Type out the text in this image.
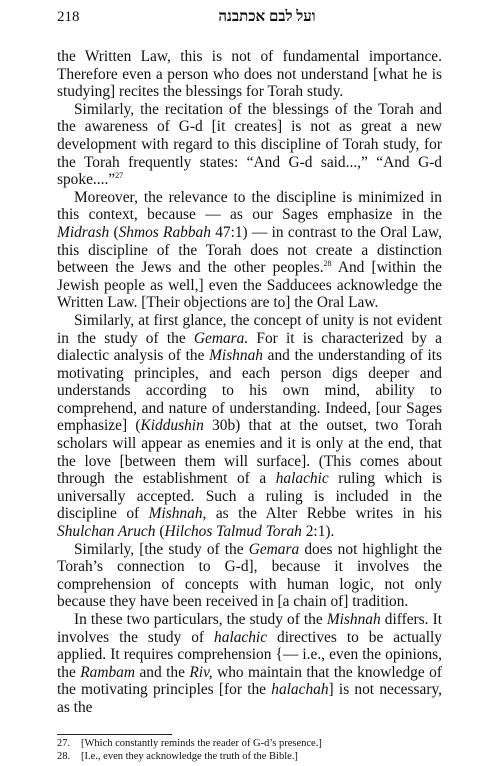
218	ועל לבם אכתבנה

the Written Law, this is not of fundamental importance. Therefore even a person who does not understand [what he is studying] recites the blessings for Torah study.

Similarly, the recitation of the blessings of the Torah and the awareness of G-d [it creates] is not as great a new development with regard to this discipline of Torah study, for the Torah frequently states: “And G-d said...,” “And G-d spoke....”$^{27}$

Moreover, the relevance to the discipline is minimized in this context, because — as our Sages emphasize in the Midrash (Shmos Rabbah 47:1) — in contrast to the Oral Law, this discipline of the Torah does not create a distinction between the Jews and the other peoples.$^{28}$ And [within the Jewish people as well,] even the Sadducees acknowledge the Written Law. [Their objections are to] the Oral Law.

Similarly, at first glance, the concept of unity is not evident in the study of the Gemara. For it is characterized by a dialectic analysis of the Mishnah and the understanding of its motivating principles, and each person digs deeper and understands according to his own mind, ability to comprehend, and nature of understanding. Indeed, [our Sages emphasize] (Kiddushin 30b) that at the outset, two Torah scholars will appear as enemies and it is only at the end, that the love [between them will surface]. (This comes about through the establishment of a halachic ruling which is universally accepted. Such a ruling is included in the discipline of Mishnah, as the Alter Rebbe writes in his Shulchan Aruch (Hilchos Talmud Torah 2:1).

Similarly, [the study of the Gemara does not highlight the Torah’s connection to G-d], because it involves the comprehension of concepts with human logic, not only because they have been received in [a chain of] tradition.

In these two particulars, the study of the Mishnah differs. It involves the study of halachic directives to be actually applied. It requires comprehension {— i.e., even the opinions, the Rambam and the Riv, who maintain that the knowledge of the motivating principles [for the halachah] is not necessary, as the

27. [Which constantly reminds the reader of G-d’s presence.]
28. [I.e., even they acknowledge the truth of the Bible.]
